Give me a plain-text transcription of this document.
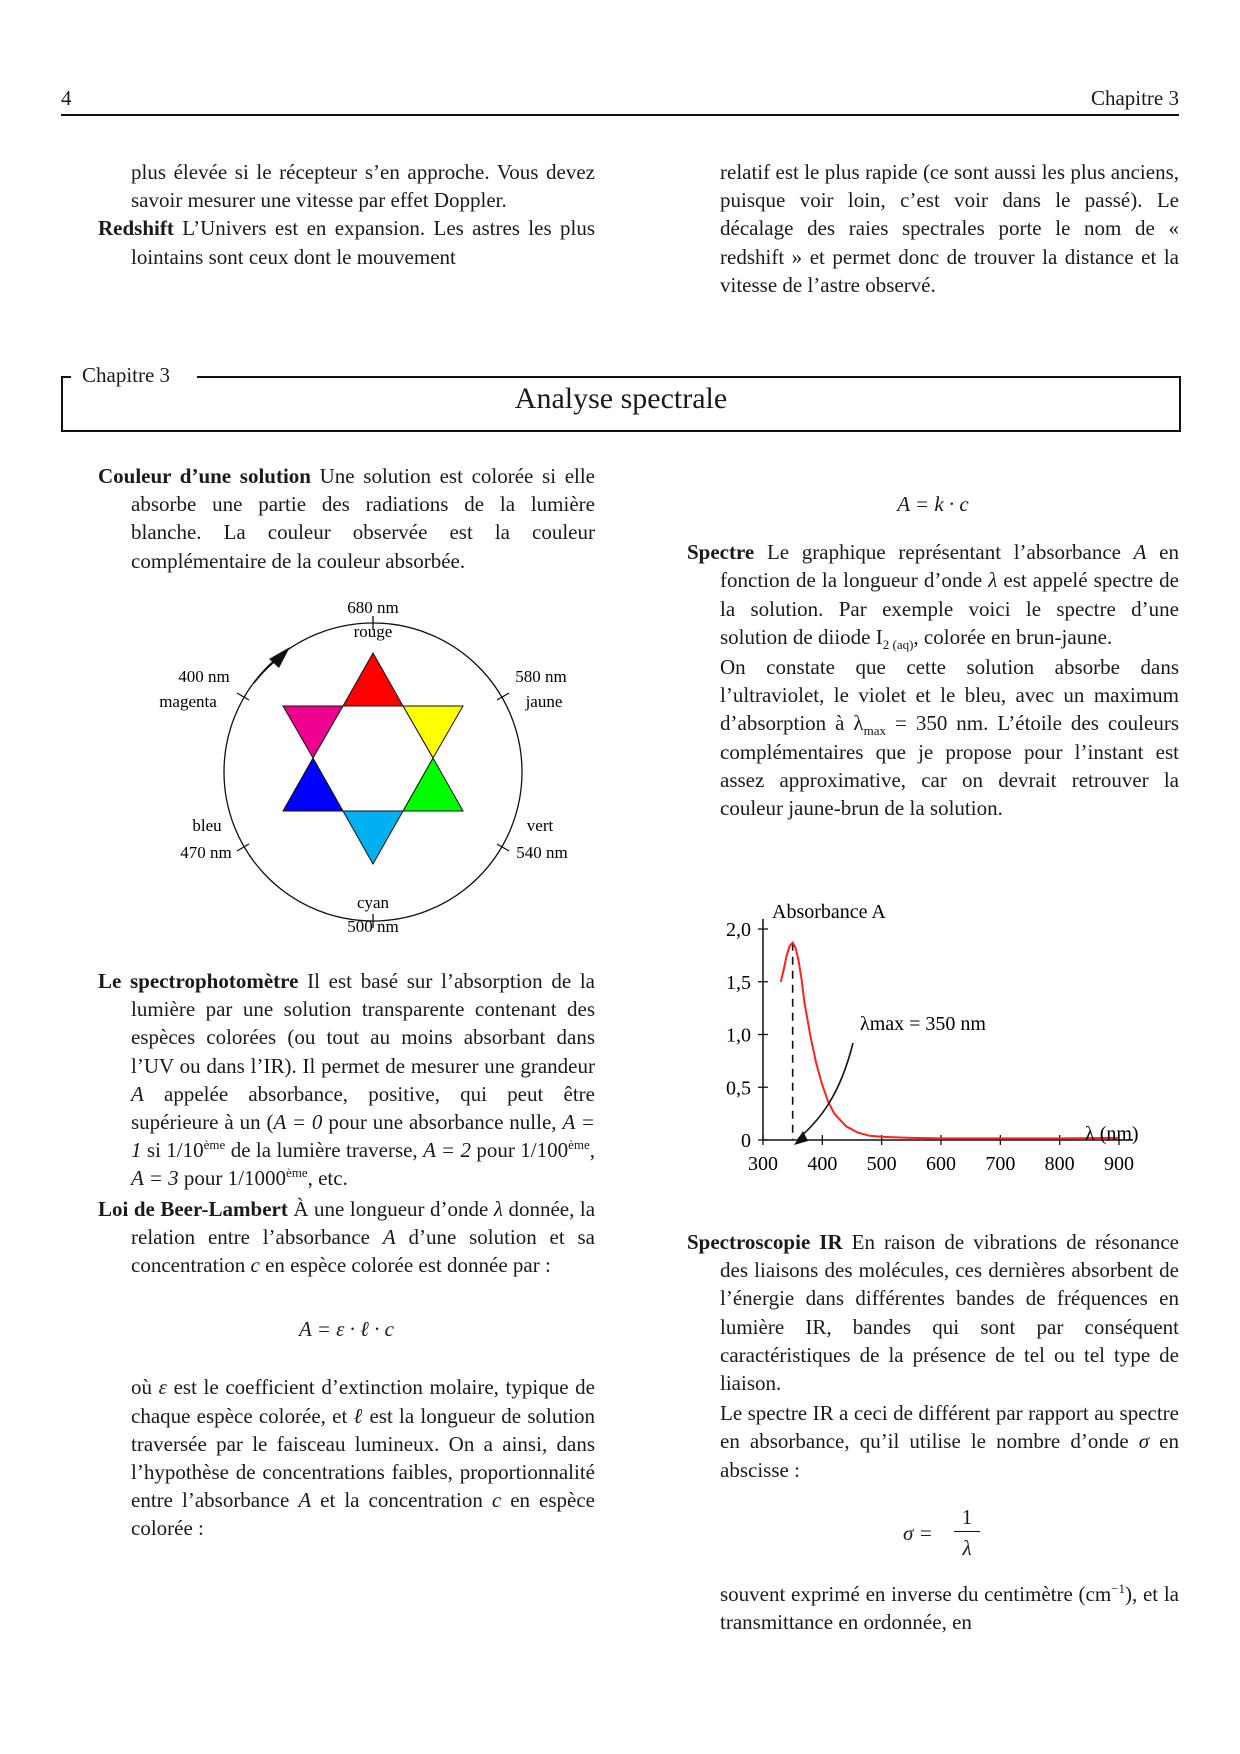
4	Chapitre 3

plus élevée si le récepteur s’en approche. Vous devez savoir mesurer une vitesse par effet Doppler.

Redshift L’Univers est en expansion. Les astres les plus lointains sont ceux dont le mouvement

relatif est le plus rapide (ce sont aussi les plus anciens, puisque voir loin, c’est voir dans le passé). Le décalage des raies spectrales porte le nom de « redshift » et permet donc de trouver la distance et la vitesse de l’astre observé.

Chapitre 3
Analyse spectrale

Couleur d’une solution Une solution est colorée si elle absorbe une partie des radiations de la lumière blanche. La couleur observée est la couleur complémentaire de la couleur absorbée.

680 nm
rouge
400 nm
magenta
580 nm
jaune
bleu
470 nm
vert
540 nm
cyan
500 nm

Le spectrophotomètre Il est basé sur l’absorption de la lumière par une solution transparente contenant des espèces colorées (ou tout au moins absorbant dans l’UV ou dans l’IR). Il permet de mesurer une grandeur A appelée absorbance, positive, qui peut être supérieure à un (A = 0 pour une absorbance nulle, A = 1 si 1/10ème de la lumière traverse, A = 2 pour 1/100ème, A = 3 pour 1/1000ème, etc.

Loi de Beer-Lambert À une longueur d’onde λ donnée, la relation entre l’absorbance A d’une solution et sa concentration c en espèce colorée est donnée par :

A = ε · ℓ · c

où ε est le coefficient d’extinction molaire, typique de chaque espèce colorée, et ℓ est la longueur de solution traversée par le faisceau lumineux. On a ainsi, dans l’hypothèse de concentrations faibles, proportionnalité entre l’absorbance A et la concentration c en espèce colorée :

A = k · c

Spectre Le graphique représentant l’absorbance A en fonction de la longueur d’onde λ est appelé spectre de la solution. Par exemple voici le spectre d’une solution de diiode $I_{2 (aq)}$, colorée en brun-jaune.

On constate que cette solution absorbe dans l’ultraviolet, le violet et le bleu, avec un maximum d’absorption à $\lambda_{max} = 350$ nm. L’étoile des couleurs complémentaires que je propose pour l’instant est assez approximative, car on devrait retrouver la couleur jaune-brun de la solution.

300 400 500 600 700 800 900
0
0,5
1,0
1,5
2,0
Absorbance A
λ (nm)
λmax = 350 nm

Spectroscopie IR En raison de vibrations de résonance des liaisons des molécules, ces dernières absorbent de l’énergie dans différentes bandes de fréquences en lumière IR, bandes qui sont par conséquent caractéristiques de la présence de tel ou tel type de liaison.

Le spectre IR a ceci de différent par rapport au spectre en absorbance, qu’il utilise le nombre d’onde σ en abscisse :

σ =
1
λ

souvent exprimé en inverse du centimètre $(cm^{-1})$, et la transmittance en ordonnée, en
